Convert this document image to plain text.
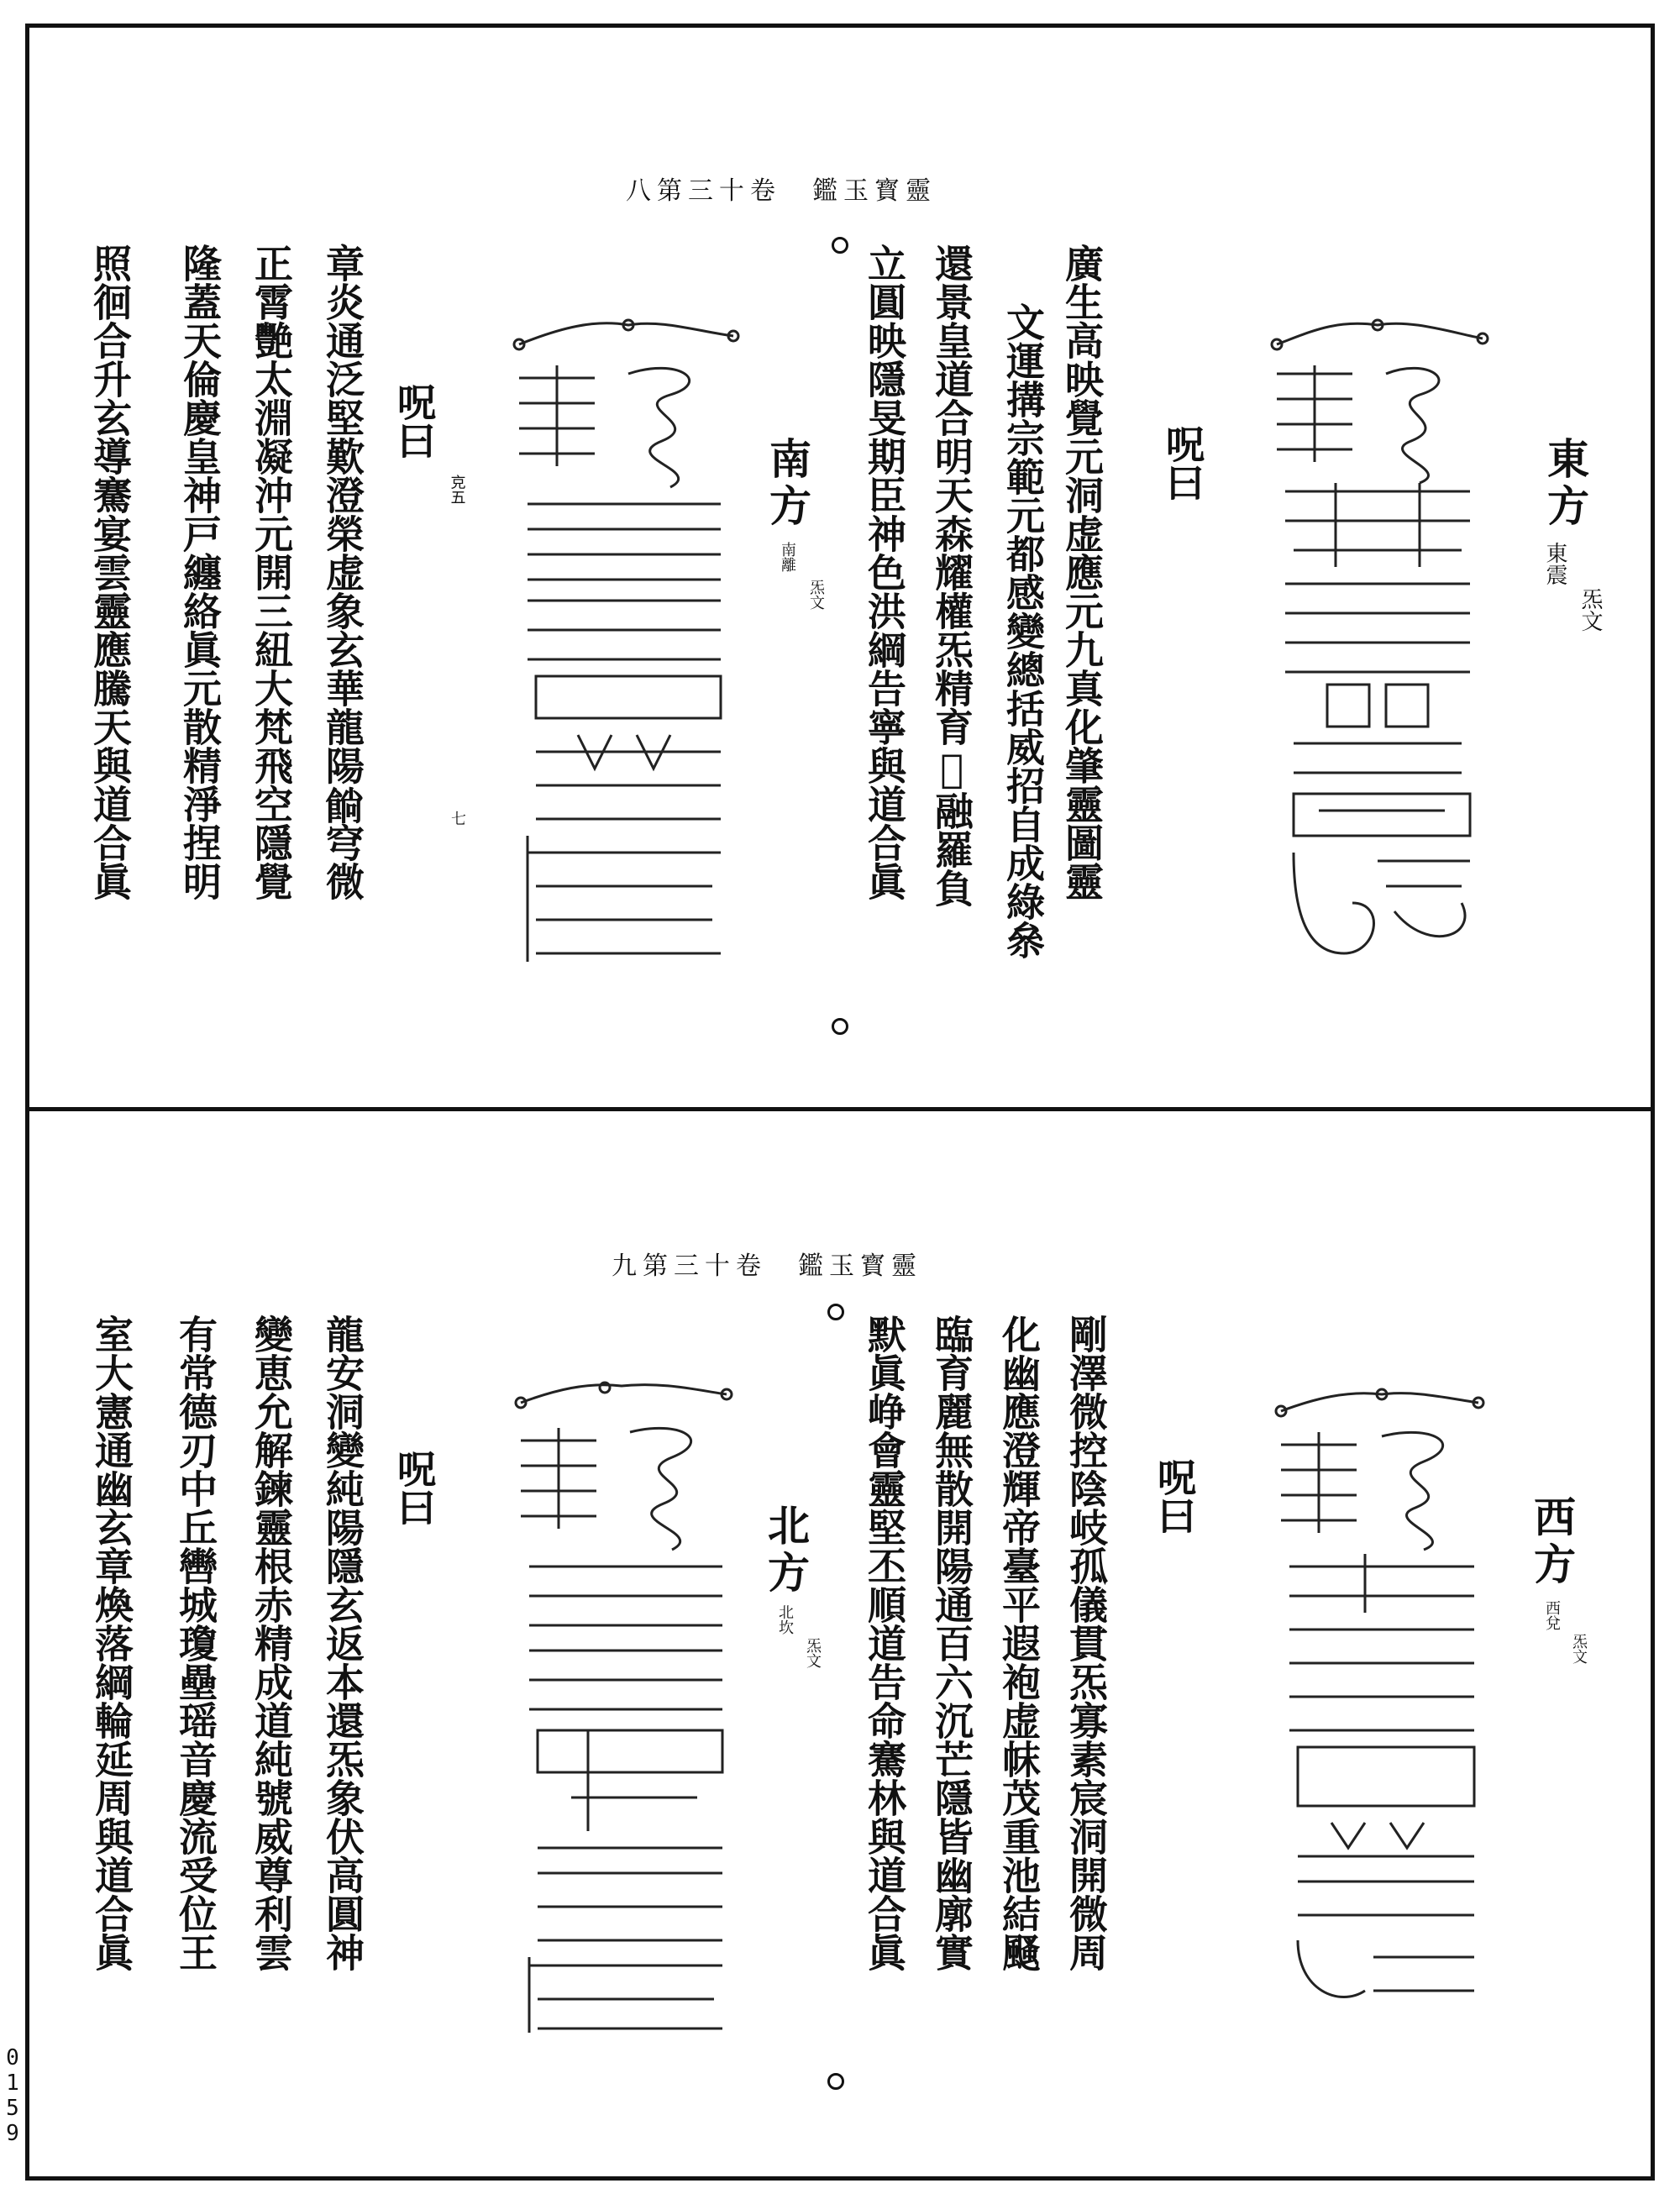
八第三十卷　鑑玉寳靈
東方
東震
炁文
呪曰
廣生高映覺元洞虚應元九真化肇靈圖靈
文運搆宗範元都感變總括威招自成綠㕘
還景皇道合明天森耀權炁精育𩲸融羅負
立圓映隱旻期臣神色洪綱告寧與道合眞
南方
南離
炁文
呪曰
𠑽五
七
章炎通泛堅歎澄榮虚象玄華龍陽𩜋穹微
正霄艷太淵凝沖元開三紐大梵飛空隱覺
隆蓋天倫慶皇神戸纏絡眞元散精淨捏明
照徊合升玄導騫宴雲靈應騰天與道合眞
九第三十卷　鑑玉寳靈
西方
西兌
炁文
呪曰
剛澤微控陰岐孤儀貫炁寡素宸洞開微周
化幽應澄輝帝臺平遐袍虚帓茂重池結颾
臨育麗無散開陽通百六沉芒隱皆幽廓實
默眞峥會靈堅丕順道告命騫林與道合眞
北方
北坎
炁文
呪曰
龍安洞變純陽隱玄返本還炁象伏高圓神
變恵允解鍊靈根赤精成道純號威尊利雲
有常德刃中丘轡城瓊壘瑶音慶流受位王
室大憲通幽玄章煥落綱輪延周與道合眞
0159
